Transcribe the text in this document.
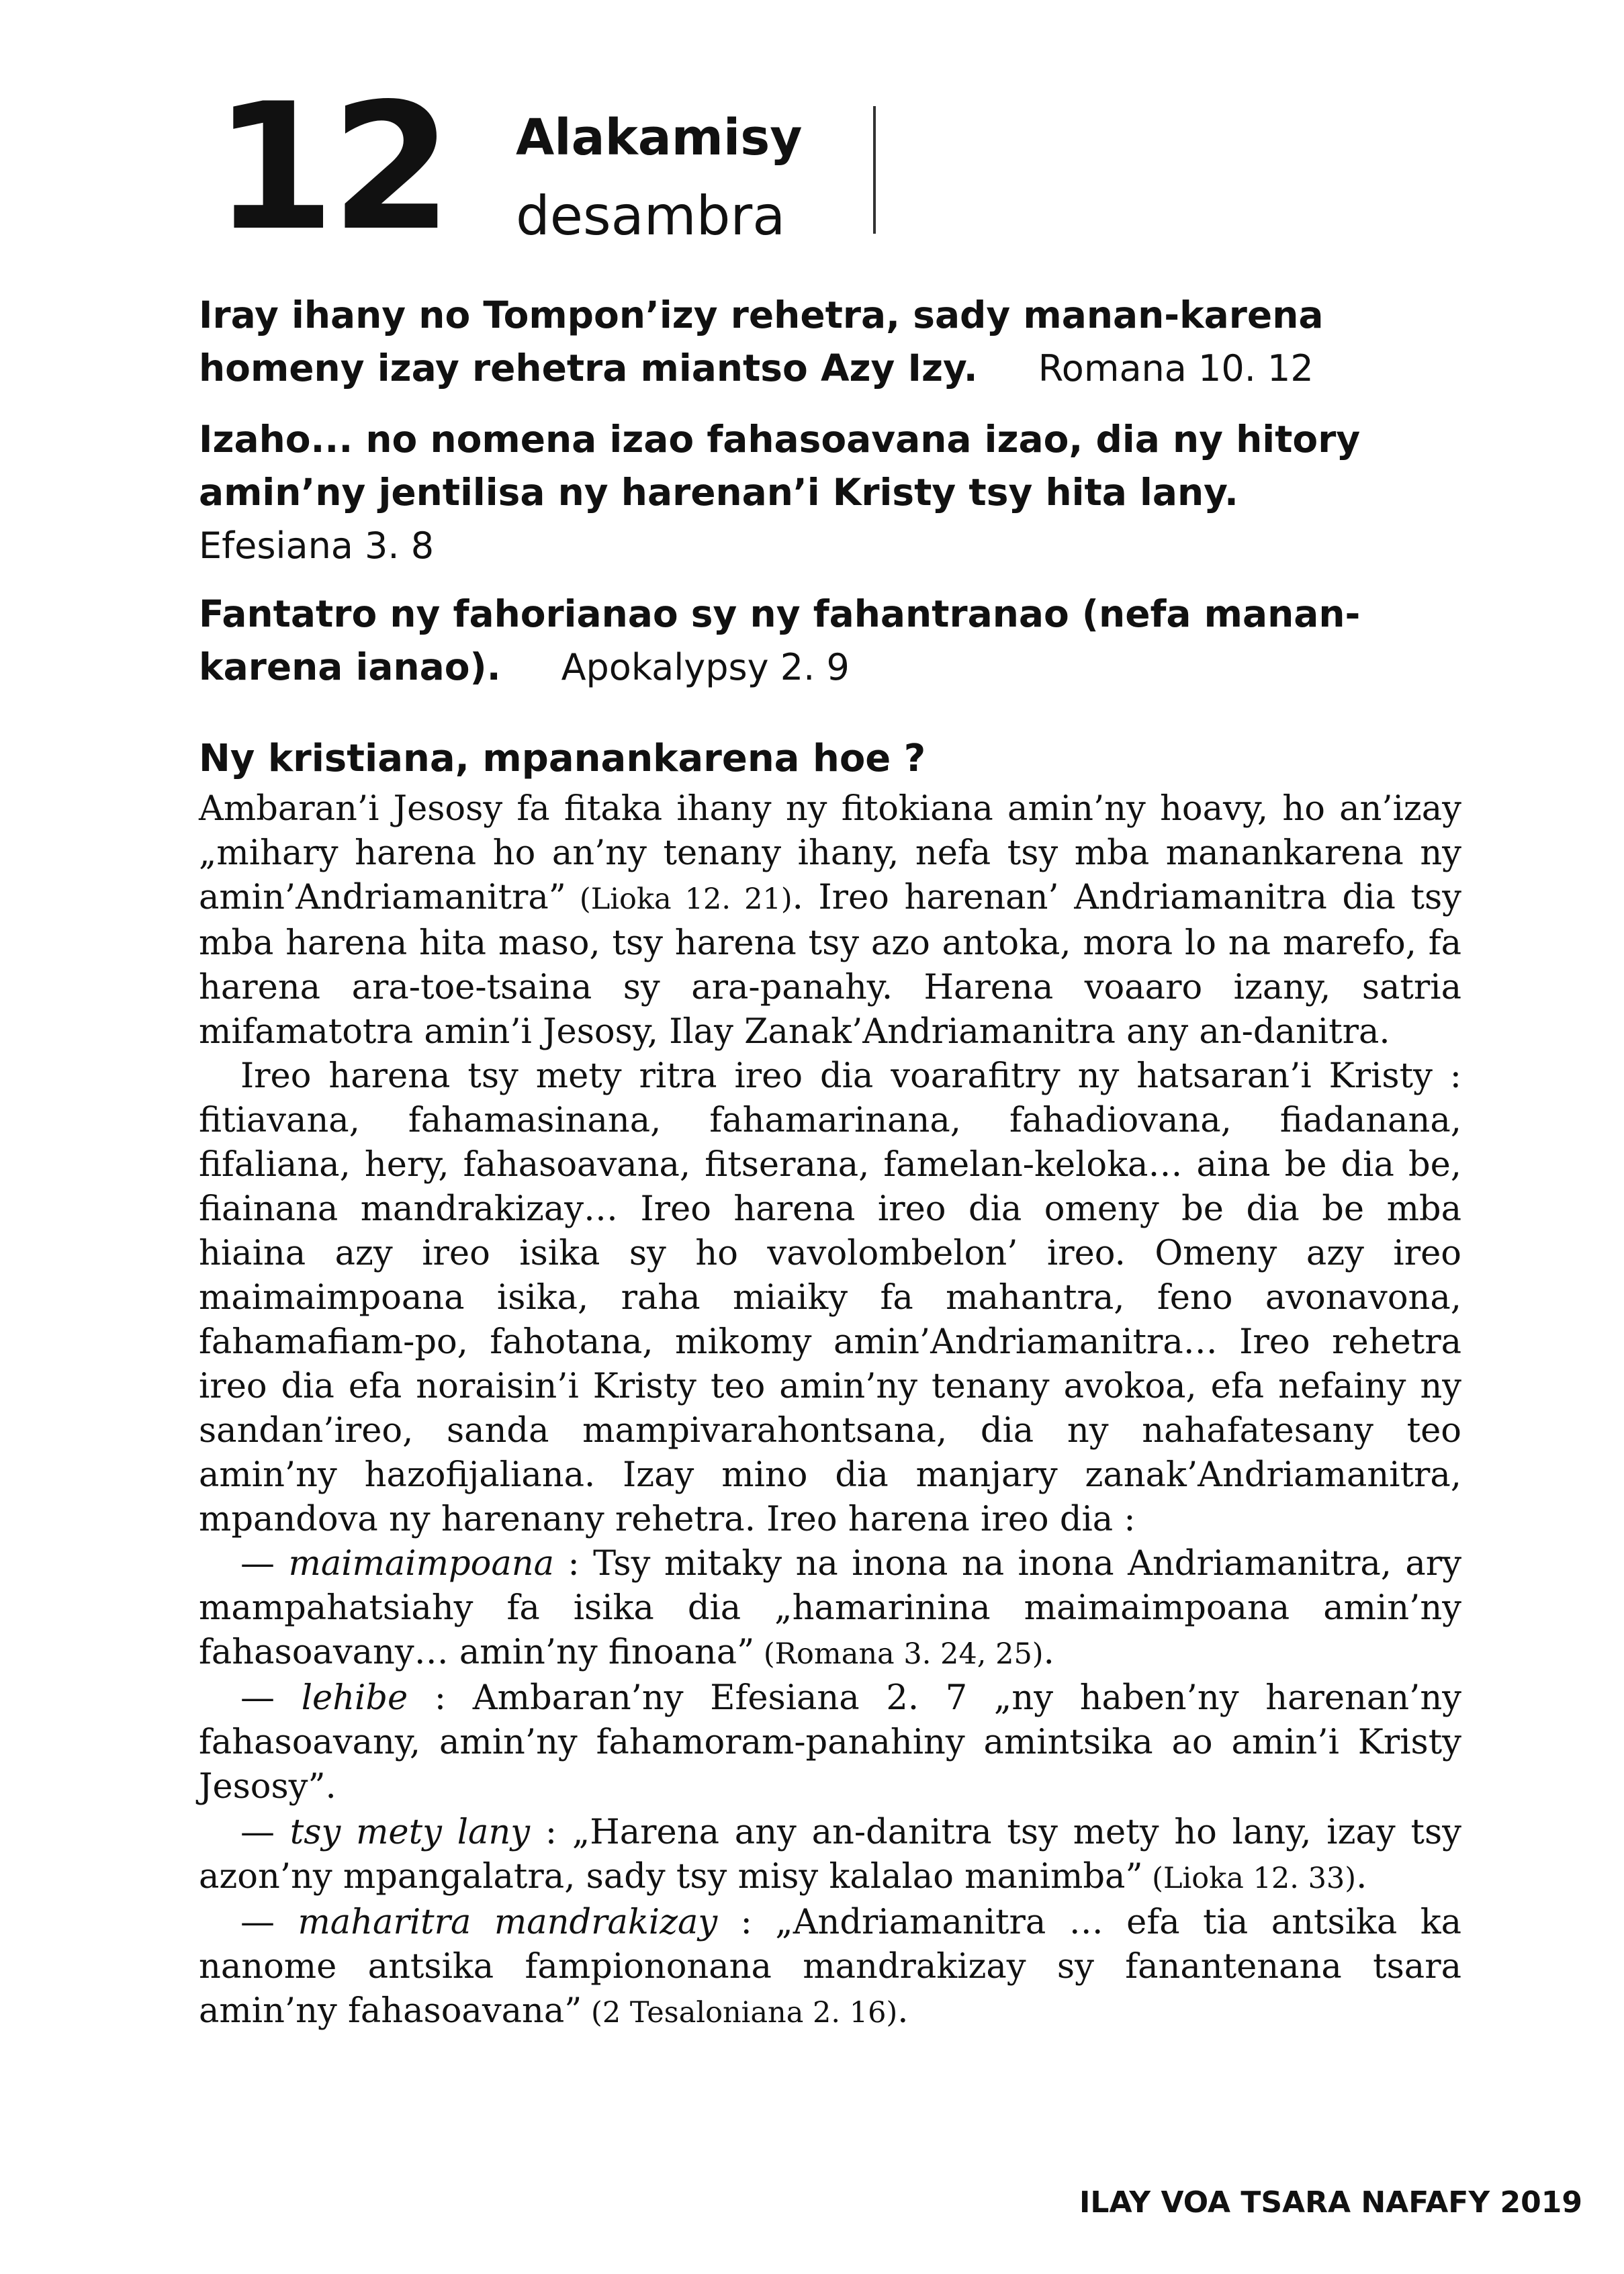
12 Alakamisy
desambra

Iray ihany no Tompon’izy rehetra, sady manan-karena homeny izay rehetra miantso Azy Izy. Romana 10. 12

Izaho... no nomena izao fahasoavana izao, dia ny hitory amin’ny jentilisa ny harenan’i Kristy tsy hita lany.
Efesiana 3. 8

Fantatro ny fahorianao sy ny fahantranao (nefa manan-karena ianao). Apokalypsy 2. 9

Ny kristiana, mpanankarena hoe ?

Ambaran’i Jesosy fa fitaka ihany ny fitokiana amin’ny hoavy, ho an’izay „mihary harena ho an’ny tenany ihany, nefa tsy mba manankarena ny amin’Andriamanitra” (Lioka 12. 21). Ireo harenan’ Andriamanitra dia tsy mba harena hita maso, tsy harena tsy azo antoka, mora lo na marefo, fa harena ara-toe-tsaina sy ara-panahy. Harena voaaro izany, satria mifamatotra amin’i Jesosy, Ilay Zanak’Andriamanitra any an-danitra.

Ireo harena tsy mety ritra ireo dia voarafitry ny hatsaran’i Kristy : fitiavana, fahamasinana, fahamarinana, fahadiovana, fiadanana, fifaliana, hery, fahasoavana, fitserana, famelan-keloka… aina be dia be, fiainana mandrakizay… Ireo harena ireo dia omeny be dia be mba hiaina azy ireo isika sy ho vavolombelon’ ireo. Omeny azy ireo maimaimpoana isika, raha miaiky fa mahantra, feno avonavona, fahamafiam-po, fahotana, mikomy amin’Andriamanitra… Ireo rehetra ireo dia efa noraisin’i Kristy teo amin’ny tenany avokoa, efa nefainy ny sandan’ireo, sanda mampivarahontsana, dia ny nahafatesany teo amin’ny hazofijaliana. Izay mino dia manjary zanak’Andriamanitra, mpandova ny harenany rehetra. Ireo harena ireo dia :

— maimaimpoana : Tsy mitaky na inona na inona Andriamanitra, ary mampahatsiahy fa isika dia „hamarinina maimaimpoana amin’ny fahasoavany… amin’ny finoana” (Romana 3. 24, 25).

— lehibe : Ambaran’ny Efesiana 2. 7 „ny haben’ny harenan’ny fahasoavany, amin’ny fahamoram-panahiny amintsika ao amin’i Kristy Jesosy”.

— tsy mety lany : „Harena any an-danitra tsy mety ho lany, izay tsy azon’ny mpangalatra, sady tsy misy kalalao manimba” (Lioka 12. 33).

— maharitra mandrakizay : „Andriamanitra … efa tia antsika ka nanome antsika fampiononana mandrakizay sy fanantenana tsara amin’ny fahasoavana” (2 Tesaloniana 2. 16).

ILAY VOA TSARA NAFAFY 2019
